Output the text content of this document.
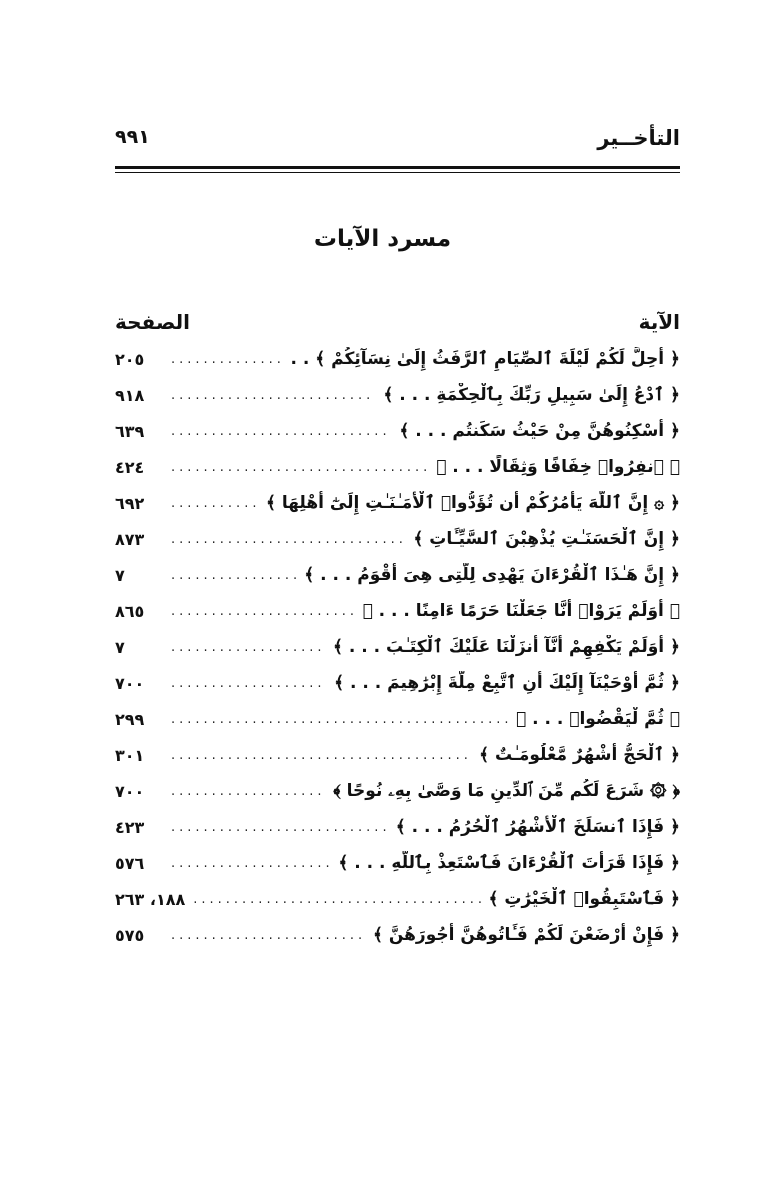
التأخــير
٩٩١
مسرد الآيات
الآية
الصفحة
﴿ أُحِلَّ لَكُمْ لَيْلَةَ ٱلصِّيَامِ ٱلرَّفَثُ إِلَىٰ نِسَآئِكُمْ ﴾ . .
.....
٢٠٥
﴿ ٱدْعُ إِلَىٰ سَبِيلِ رَبِّكَ بِٱلْحِكْمَةِ . . . ﴾
.....
٩١٨
﴿ أَسْكِنُوهُنَّ مِنْ حَيْثُ سَكَنتُم . . . ﴾
.....
٦٣٩
﴿ ٱنفِرُوا۟ خِفَافًا وَثِقَالًا . . . ﴾
.....
٤٢٤
﴿ ۞ إِنَّ ٱللَّهَ يَأْمُرُكُمْ أَن تُؤَدُّوا۟ ٱلْأَمَـٰنَـٰتِ إِلَىٰٓ أَهْلِهَا ﴾
.....
٦٩٢
﴿ إِنَّ ٱلْحَسَنَـٰتِ يُذْهِبْنَ ٱلسَّيِّـَٔاتِ ﴾
.....
٨٧٣
﴿ إِنَّ هَـٰذَا ٱلْقُرْءَانَ يَهْدِى لِلَّتِى هِىَ أَقْوَمُ . . . ﴾
.....
٧
﴿ أَوَلَمْ يَرَوْا۟ أَنَّا جَعَلْنَا حَرَمًا ءَامِنًا . . . ﴾
.....
٨٦٥
﴿ أَوَلَمْ يَكْفِهِمْ أَنَّآ أَنزَلْنَا عَلَيْكَ ٱلْكِتَـٰبَ . . . ﴾
.....
٧
﴿ ثُمَّ أَوْحَيْنَآ إِلَيْكَ أَنِ ٱتَّبِعْ مِلَّةَ إِبْرَٰهِيمَ . . . ﴾
.....
٧٠٠
﴿ ثُمَّ لْيَقْضُوا۟ . . . ﴾
.....
٢٩٩
﴿ ٱلْحَجُّ أَشْهُرٌ مَّعْلُومَـٰتٌ ﴾
.....
٣٠١
﴿ ۞ شَرَعَ لَكُم مِّنَ ٱلدِّينِ مَا وَصَّىٰ بِهِۦ نُوحًا ﴾
.....
٧٠٠
﴿ فَإِذَا ٱنسَلَخَ ٱلْأَشْهُرُ ٱلْحُرُمُ . . . ﴾
.....
٤٢٣
﴿ فَإِذَا قَرَأْتَ ٱلْقُرْءَانَ فَٱسْتَعِذْ بِٱللَّهِ . . . ﴾
.....
٥٧٦
﴿ فَٱسْتَبِقُوا۟ ٱلْخَيْرَٰتِ ﴾
.....
١٨٨، ٢٦٣
﴿ فَإِنْ أَرْضَعْنَ لَكُمْ فَـَٔاتُوهُنَّ أُجُورَهُنَّ ﴾
.....
٥٧٥
